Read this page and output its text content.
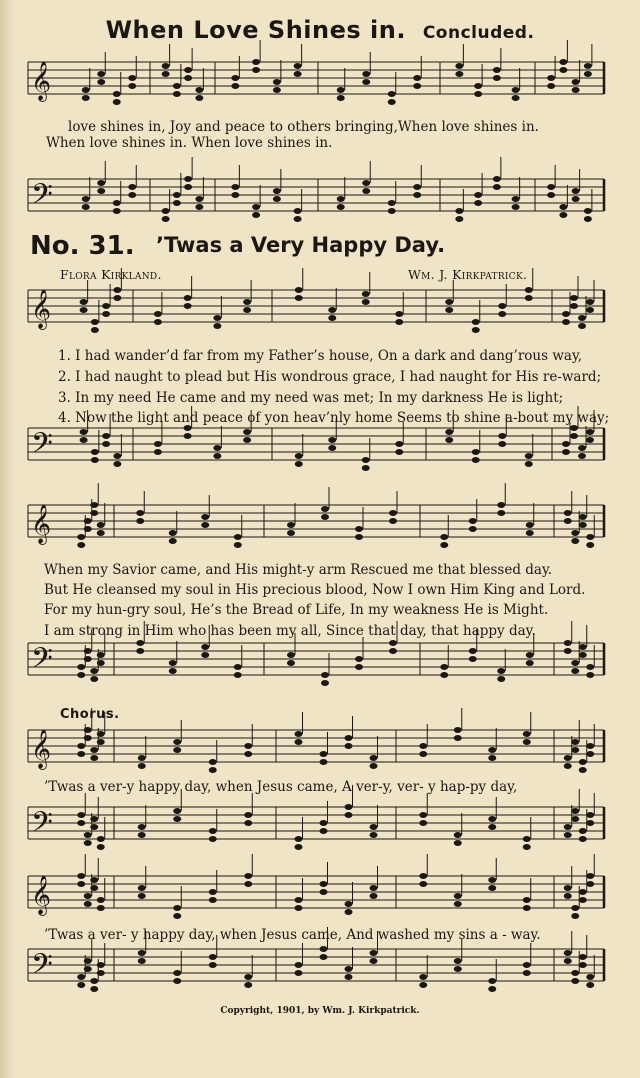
When Love Shines in. Concluded.
𝄞
𝄢
𝄞
𝄢
𝄞
𝄢
𝄞
𝄢
𝄞
𝄢
love shines in, Joy and peace to others bringing,When love shines in.
When love shines in. When love shines in.
No. 31. ’Twas a Very Happy Day.
Flora Kirkland.	Wm. J. Kirkpatrick.
1. I had wander’d far from my Father’s house, On a dark and dang’rous way,
2. I had naught to plead but His wondrous grace, I had naught for His re-ward;
3. In my need He came and my need was met; In my darkness He is light;
4. Now the light and peace of yon heav’nly home Seems to shine a-bout my way;
When my Savior came, and His might-y arm Rescued me that blessed day.
But He cleansed my soul in His precious blood, Now I own Him King and Lord.
For my hun-gry soul, He’s the Bread of Life, In my weakness He is Might.
I am strong in Him who has been my all, Since that day, that happy day.
Chorus.
’Twas a ver-y happy day, when Jesus came, A ver-y, ver- y hap-py day,
’Twas a ver- y happy day, when Jesus came, And washed my sins a - way.
Copyright, 1901, by Wm. J. Kirkpatrick.
